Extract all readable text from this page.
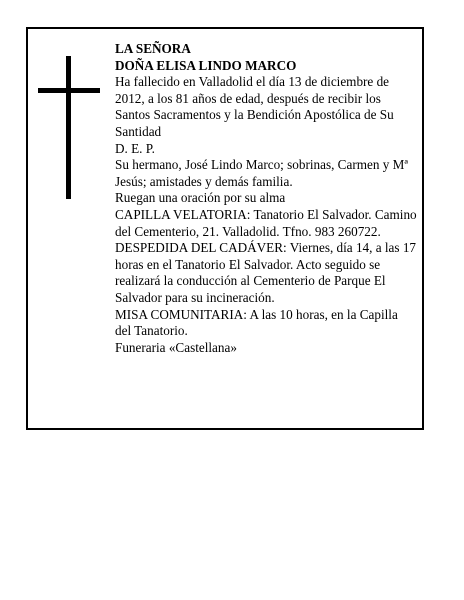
LA SEÑORA
DOÑA ELISA LINDO MARCO
Ha fallecido en Valladolid el día 13 de diciembre de 2012, a los 81 años de edad, después de recibir los Santos Sacramentos y la Bendición Apostólica de Su Santidad
D. E. P.
Su hermano, José Lindo Marco; sobrinas, Carmen y Mª Jesús; amistades y demás familia.
Ruegan una oración por su alma
CAPILLA VELATORIA: Tanatorio El Salvador. Camino del Cementerio, 21. Valladolid. Tfno. 983 260722.
DESPEDIDA DEL CADÁVER: Viernes, día 14, a las 17 horas en el Tanatorio El Salvador. Acto seguido se realizará la conducción al Cementerio de Parque El Salvador para su incineración.
MISA COMUNITARIA: A las 10 horas, en la Capilla del Tanatorio.
Funeraria «Castellana»
